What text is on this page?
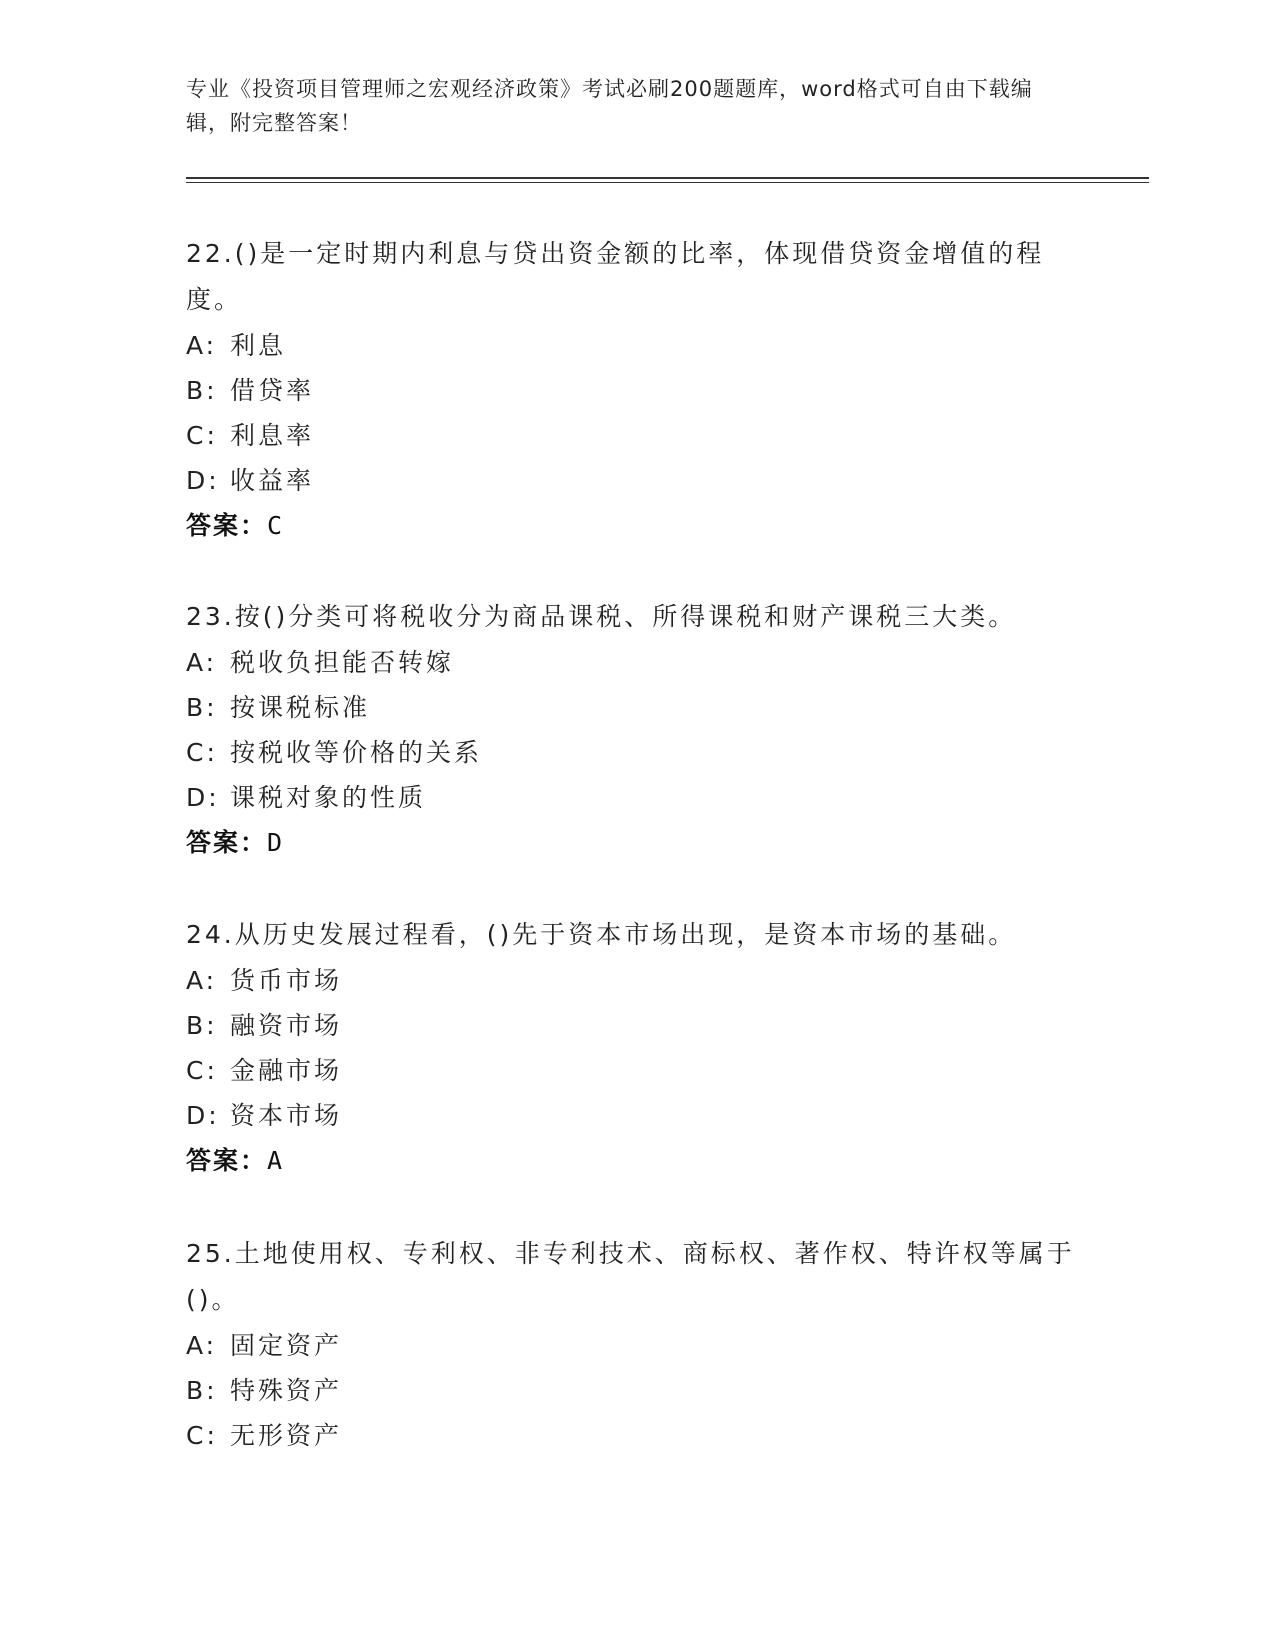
专业《投资项目管理师之宏观经济政策》考试必刷200题题库，word格式可自由下载编辑，附完整答案！

22.()是一定时期内利息与贷出资金额的比率，体现借贷资金增值的程度。

A: 利息

B: 借贷率

C: 利息率

D: 收益率

答案：C

23.按()分类可将税收分为商品课税、所得课税和财产课税三大类。

A: 税收负担能否转嫁

B: 按课税标准

C: 按税收等价格的关系

D: 课税对象的性质

答案：D

24.从历史发展过程看，()先于资本市场出现，是资本市场的基础。

A: 货币市场

B: 融资市场

C: 金融市场

D: 资本市场

答案：A

25.土地使用权、专利权、非专利技术、商标权、著作权、特许权等属于()。

A: 固定资产

B: 特殊资产

C: 无形资产
